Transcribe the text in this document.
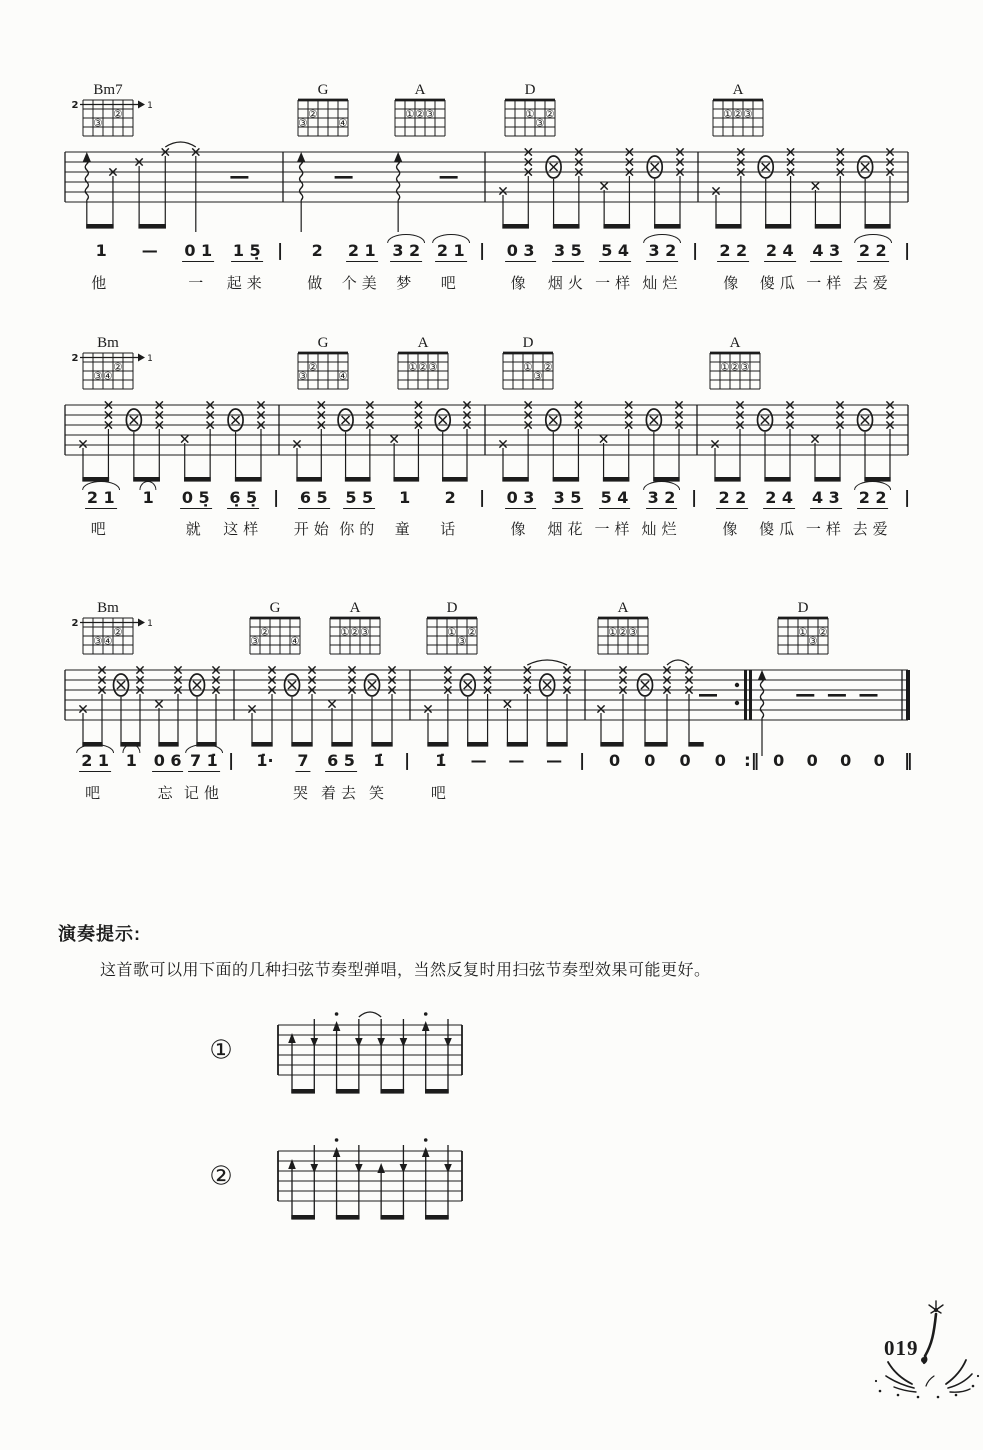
Bm7
2	1
②
③
G
②
③	④
A
① ② ③
D
① ②
③
A
① ② ③
Bm
2	1
②
③ ④
G
②
③	④
A
① ② ③
D
① ②
③
A
① ② ③
Bm
2	1
②
③ ④
G
②
③	④
A
① ② ③
D
① ②
③
A
① ② ③
D
① ②
③
1
他
— 0 1
一
1 5̣
起来
| 2
做
2 1
个美
3 2
梦
2 1
吧
| 0 3
像
3 5
烟火
5 4
一样
3 2
灿烂
| 2 2
像
2 4
傻瓜
4 3
一样
2 2
去爱
|
2 1
吧
1 0 5̣
就
6̣ 5̣
这样
| 6 5
开始
5 5
你的
1
童
2
话
| 0 3
像
3 5
烟花
5 4
一样
3 2
灿烂
| 2 2
像
2 4
傻瓜
4 3
一样
2 2
去爱
|
2 1
吧
1 0 6
忘
7 1̇
记他
| 1̇· 7
哭
6 5
着去
1̇
笑
| 1̇
吧
— — — | 0 0 0 0 :‖ 0 0 0 0 ‖
演奏提示:
这首歌可以用下面的几种扫弦节奏型弹唱，当然反复时用扫弦节奏型效果可能更好。
①
②
019
